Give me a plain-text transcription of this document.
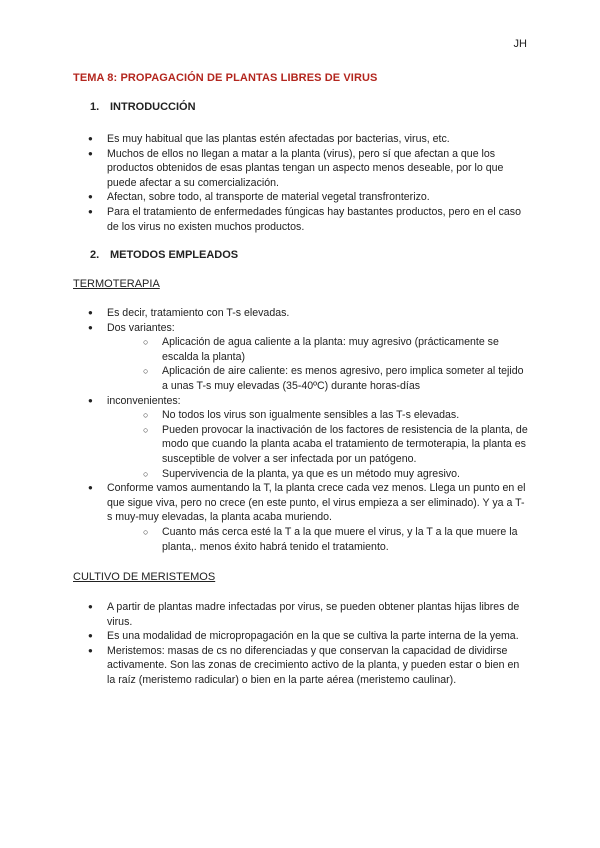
JH
TEMA 8: PROPAGACIÓN DE PLANTAS LIBRES DE VIRUS
1. INTRODUCCIÓN
● Es muy habitual que las plantas estén afectadas por bacterias, virus, etc.
● Muchos de ellos no llegan a matar a la planta (virus), pero sí que afectan a que los productos obtenidos de esas plantas tengan un aspecto menos deseable, por lo que puede afectar a su comercialización.
● Afectan, sobre todo, al transporte de material vegetal transfronterizo.
● Para el tratamiento de enfermedades fúngicas hay bastantes productos, pero en el caso de los virus no existen muchos productos.
2. METODOS EMPLEADOS
TERMOTERAPIA
● Es decir, tratamiento con T-s elevadas.
● Dos variantes:
○ Aplicación de agua caliente a la planta: muy agresivo (prácticamente se escalda la planta)
○ Aplicación de aire caliente: es menos agresivo, pero implica someter al tejido a unas T-s muy elevadas (35-40ºC) durante horas-días
● inconvenientes:
○ No todos los virus son igualmente sensibles a las T-s elevadas.
○ Pueden provocar la inactivación de los factores de resistencia de la planta, de modo que cuando la planta acaba el tratamiento de termoterapia, la planta es susceptible de volver a ser infectada por un patógeno.
○ Supervivencia de la planta, ya que es un método muy agresivo.
● Conforme vamos aumentando la T, la planta crece cada vez menos. Llega un punto en el que sigue viva, pero no crece (en este punto, el virus empieza a ser eliminado). Y ya a T-s muy-muy elevadas, la planta acaba muriendo.
○ Cuanto más cerca esté la T a la que muere el virus, y la T a la que muere la planta,. menos éxito habrá tenido el tratamiento.
CULTIVO DE MERISTEMOS
● A partir de plantas madre infectadas por virus, se pueden obtener plantas hijas libres de virus.
● Es una modalidad de micropropagación en la que se cultiva la parte interna de la yema.
● Meristemos: masas de cs no diferenciadas y que conservan la capacidad de dividirse activamente. Son las zonas de crecimiento activo de la planta, y pueden estar o bien en la raíz (meristemo radicular) o bien en la parte aérea (meristemo caulinar).
